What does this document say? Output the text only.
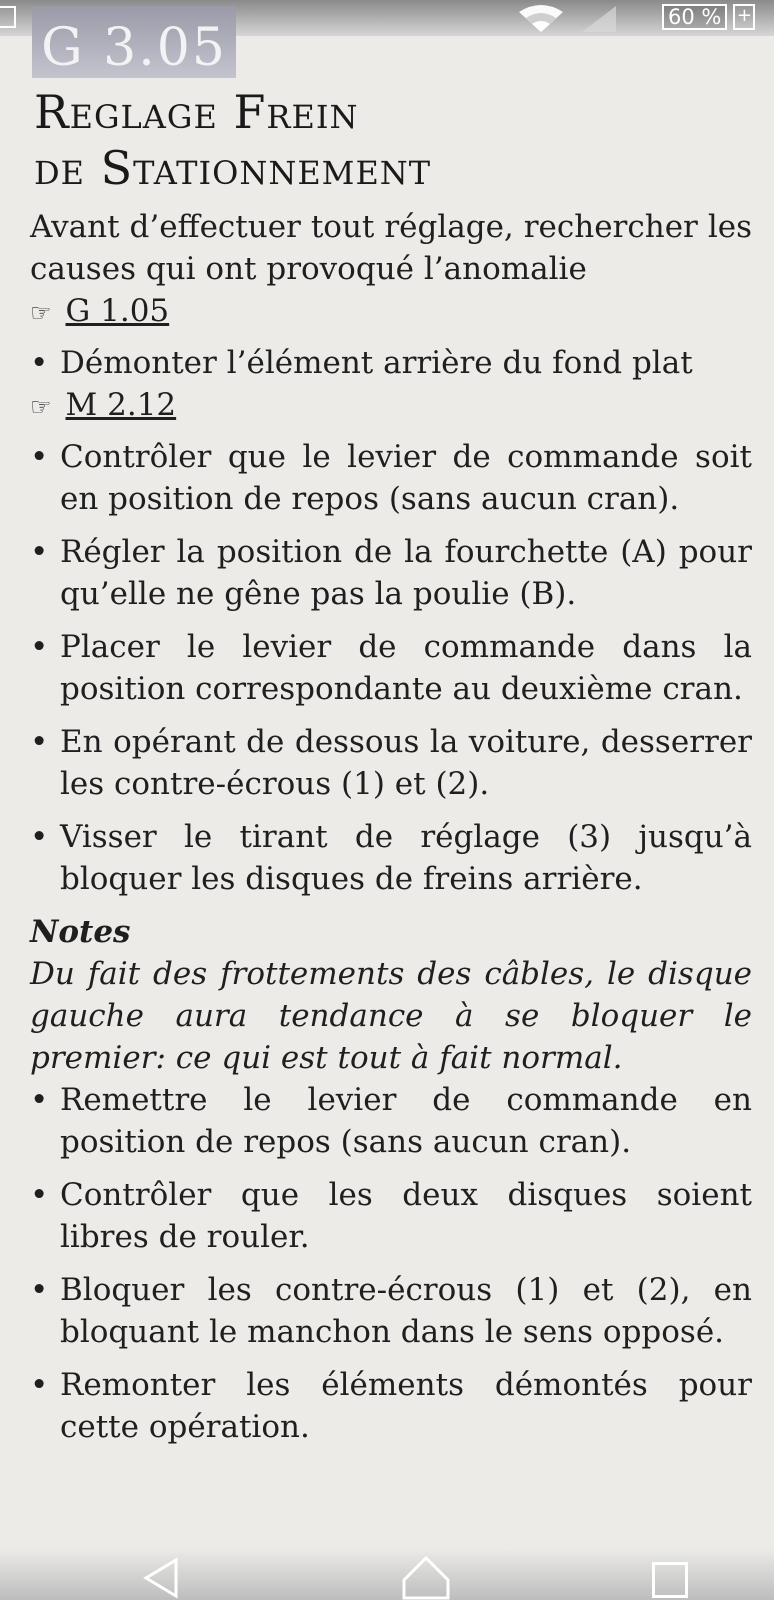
60 % +
G 3.05
Reglage Frein
de Stationnement

Avant d’effectuer tout réglage, rechercher les causes qui ont provoqué l’anomalie

☞ G 1.05
• Démonter l’élément arrière du fond plat
☞ M 2.12
• Contrôler que le levier de commande soit en position de repos (sans aucun cran).
• Régler la position de la fourchette (A) pour qu’elle ne gêne pas la poulie (B).
• Placer le levier de commande dans la position correspondante au deuxième cran.
• En opérant de dessous la voiture, desserrer les contre-écrous (1) et (2).
• Visser le tirant de réglage (3) jusqu’à bloquer les disques de freins arrière.

Notes

Du fait des frottements des câbles, le disque gauche aura tendance à se bloquer le premier: ce qui est tout à fait normal.

• Remettre le levier de commande en position de repos (sans aucun cran).
• Contrôler que les deux disques soient libres de rouler.
• Bloquer les contre-écrous (1) et (2), en bloquant le manchon dans le sens opposé.
• Remonter les éléments démontés pour cette opération.
